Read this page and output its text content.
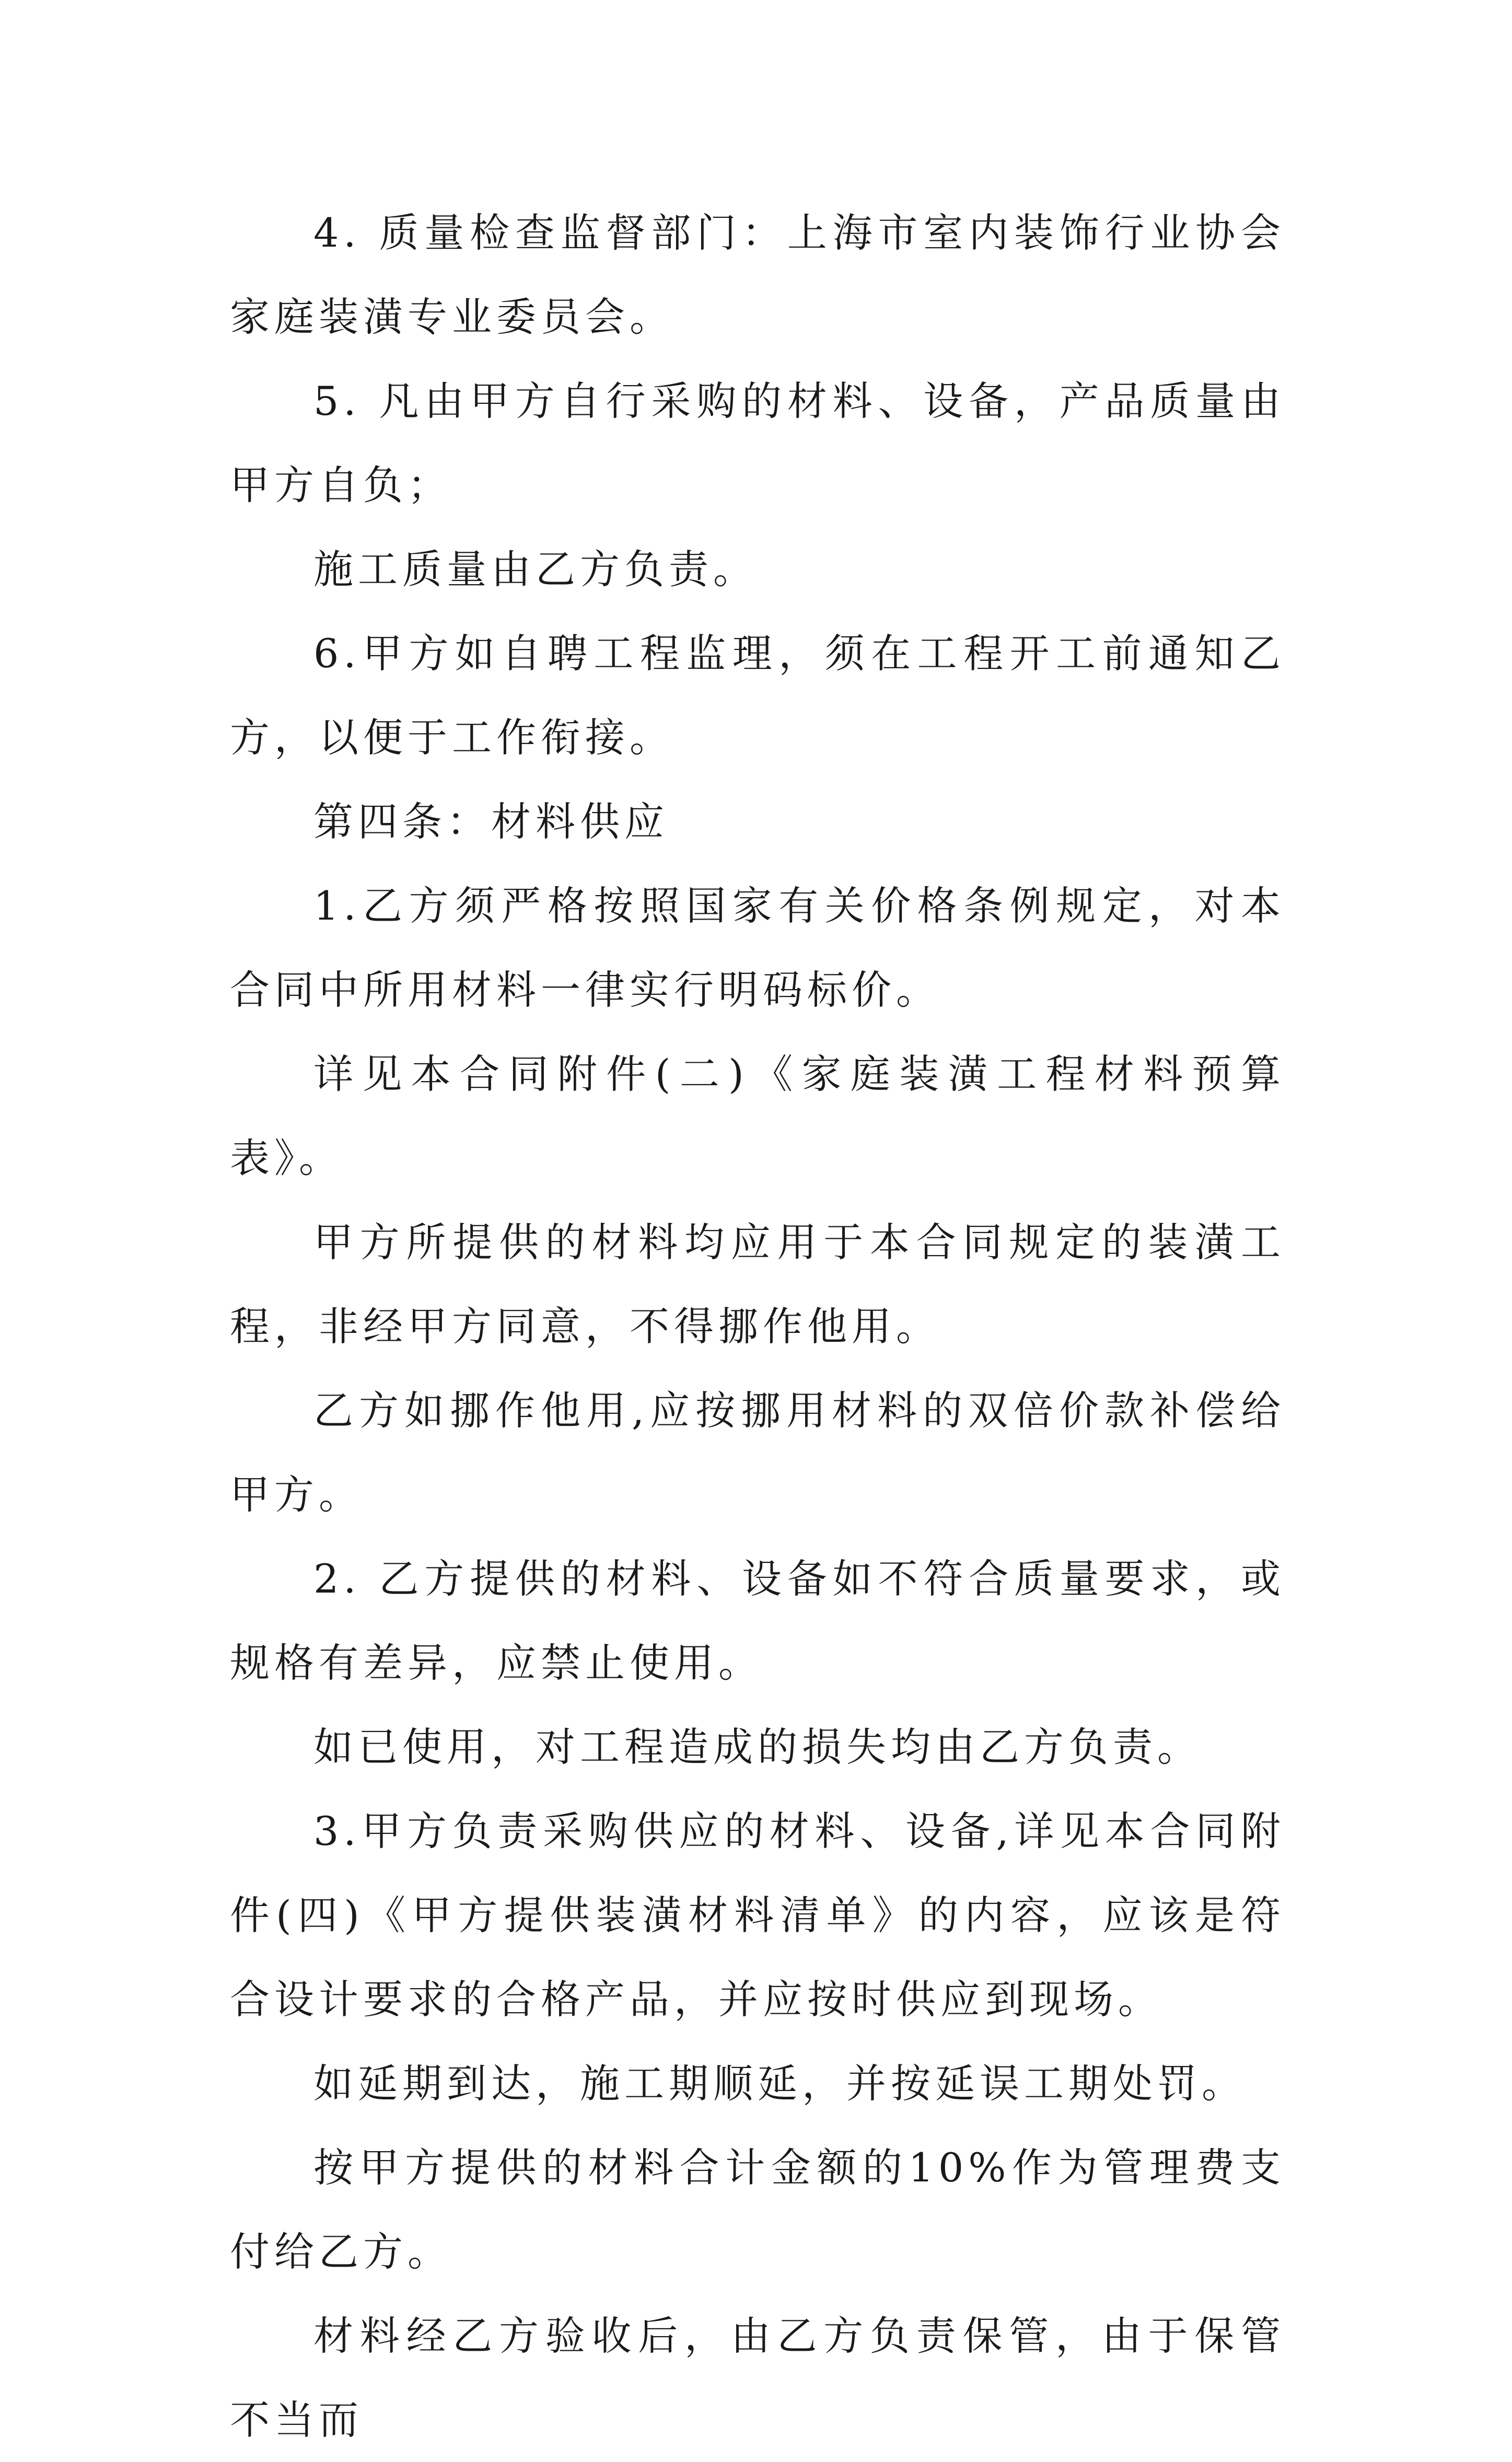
4. 质量检查监督部门：上海市室内装饰行业协会家庭装潢专业委员会。

5. 凡由甲方自行采购的材料、设备，产品质量由甲方自负；

施工质量由乙方负责。

6.甲方如自聘工程监理，须在工程开工前通知乙方，以便于工作衔接。

第四条：材料供应

1.乙方须严格按照国家有关价格条例规定，对本合同中所用材料一律实行明码标价。

详见本合同附件(二)《家庭装潢工程材料预算表》。

甲方所提供的材料均应用于本合同规定的装潢工程，非经甲方同意，不得挪作他用。

乙方如挪作他用,应按挪用材料的双倍价款补偿给甲方。

2. 乙方提供的材料、设备如不符合质量要求，或规格有差异，应禁止使用。

如已使用，对工程造成的损失均由乙方负责。

3.甲方负责采购供应的材料、设备,详见本合同附件(四)《甲方提供装潢材料清单》的内容，应该是符合设计要求的合格产品，并应按时供应到现场。

如延期到达，施工期顺延，并按延误工期处罚。

按甲方提供的材料合计金额的10%作为管理费支付给乙方。

材料经乙方验收后，由乙方负责保管，由于保管不当而
